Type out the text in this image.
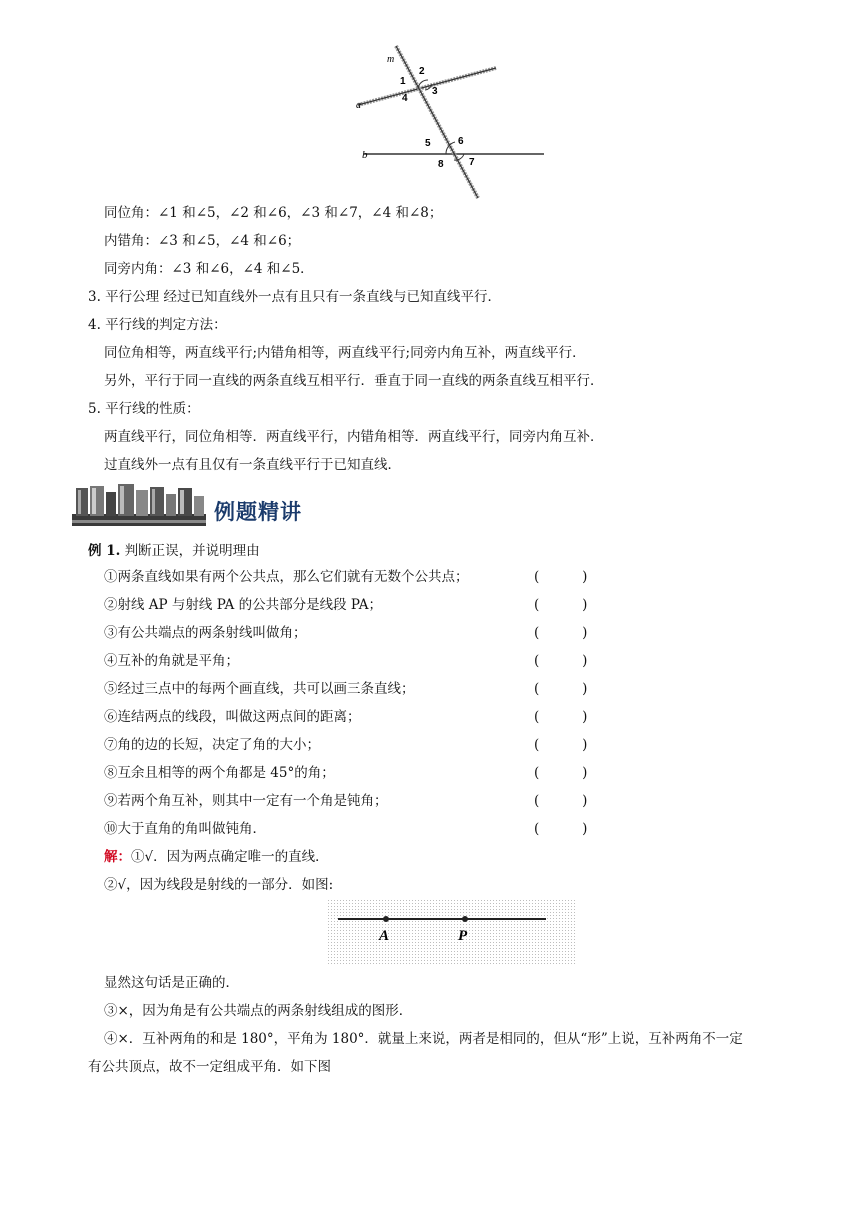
m
a
b
1
2
3
4
5	6
7
8
同位角：∠1 和∠5，∠2 和∠6，∠3 和∠7，∠4 和∠8；
内错角：∠3 和∠5，∠4 和∠6；
同旁内角：∠3 和∠6，∠4 和∠5．
3. 平行公理 经过已知直线外一点有且只有一条直线与已知直线平行．
4. 平行线的判定方法：
同位角相等，两直线平行;内错角相等，两直线平行;同旁内角互补，两直线平行．
另外，平行于同一直线的两条直线互相平行．垂直于同一直线的两条直线互相平行．
5. 平行线的性质：
两直线平行，同位角相等．两直线平行，内错角相等．两直线平行，同旁内角互补．
过直线外一点有且仅有一条直线平行于已知直线．
例题精讲
例 1. 判断正误，并说明理由
①两条直线如果有两个公共点，那么它们就有无数个公共点；	(          )
②射线 AP 与射线 PA 的公共部分是线段 PA；	(          )
③有公共端点的两条射线叫做角；	(          )
④互补的角就是平角；	(          )
⑤经过三点中的每两个画直线，共可以画三条直线；	(          )
⑥连结两点的线段，叫做这两点间的距离；	(          )
⑦角的边的长短，决定了角的大小；	(          )
⑧互余且相等的两个角都是 45°的角；	(          )
⑨若两个角互补，则其中一定有一个角是钝角；	(          )
⑩大于直角的角叫做钝角．	(          )
解：①√．因为两点确定唯一的直线．
②√，因为线段是射线的一部分．如图:
A	P
显然这句话是正确的．
③×，因为角是有公共端点的两条射线组成的图形．
④×．互补两角的和是 180°，平角为 180°．就量上来说，两者是相同的，但从“形”上说，互补两角不一定
有公共顶点，故不一定组成平角．如下图
